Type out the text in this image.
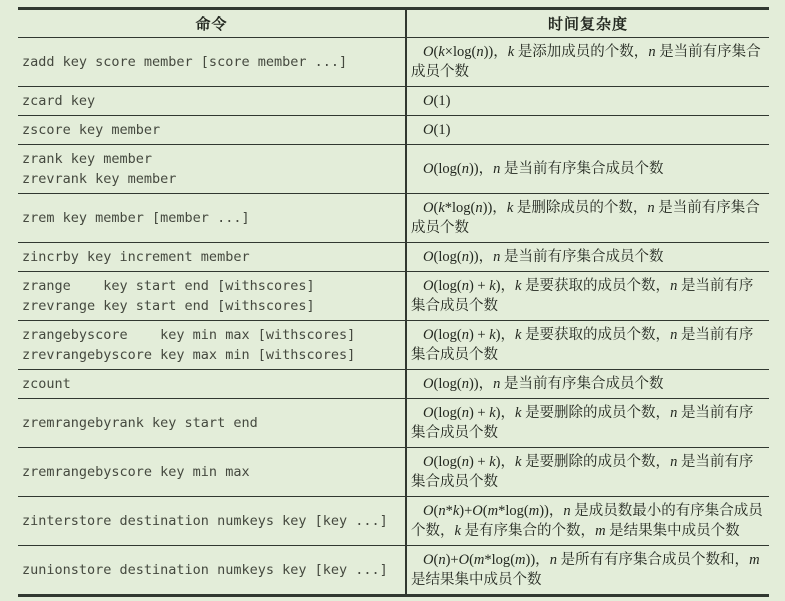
命令	时间复杂度

zadd key score member [score member ...]	O(k×log(n))，k 是添加成员的个数，n 是当前有序集合成员个数

zcard key	O(1)

zscore key member	O(1)

zrank key member
zrevrank key member	O(log(n))，n 是当前有序集合成员个数

zrem key member [member ...]	O(k*log(n))，k 是删除成员的个数，n 是当前有序集合成员个数

zincrby key increment member	O(log(n))，n 是当前有序集合成员个数

zrange    key start end [withscores]
zrevrange key start end [withscores]	O(log(n) + k)，k 是要获取的成员个数，n 是当前有序集合成员个数

zrangebyscore    key min max [withscores]
zrevrangebyscore key max min [withscores]	O(log(n) + k)，k 是要获取的成员个数，n 是当前有序集合成员个数

zcount	O(log(n))，n 是当前有序集合成员个数

zremrangebyrank key start end	O(log(n) + k)，k 是要删除的成员个数，n 是当前有序集合成员个数

zremrangebyscore key min max	O(log(n) + k)，k 是要删除的成员个数，n 是当前有序集合成员个数

zinterstore destination numkeys key [key ...]	O(n*k)+O(m*log(m))，n 是成员数最小的有序集合成员个数，k 是有序集合的个数，m 是结果集中成员个数

zunionstore destination numkeys key [key ...]	O(n)+O(m*log(m))，n 是所有有序集合成员个数和，m 是结果集中成员个数
